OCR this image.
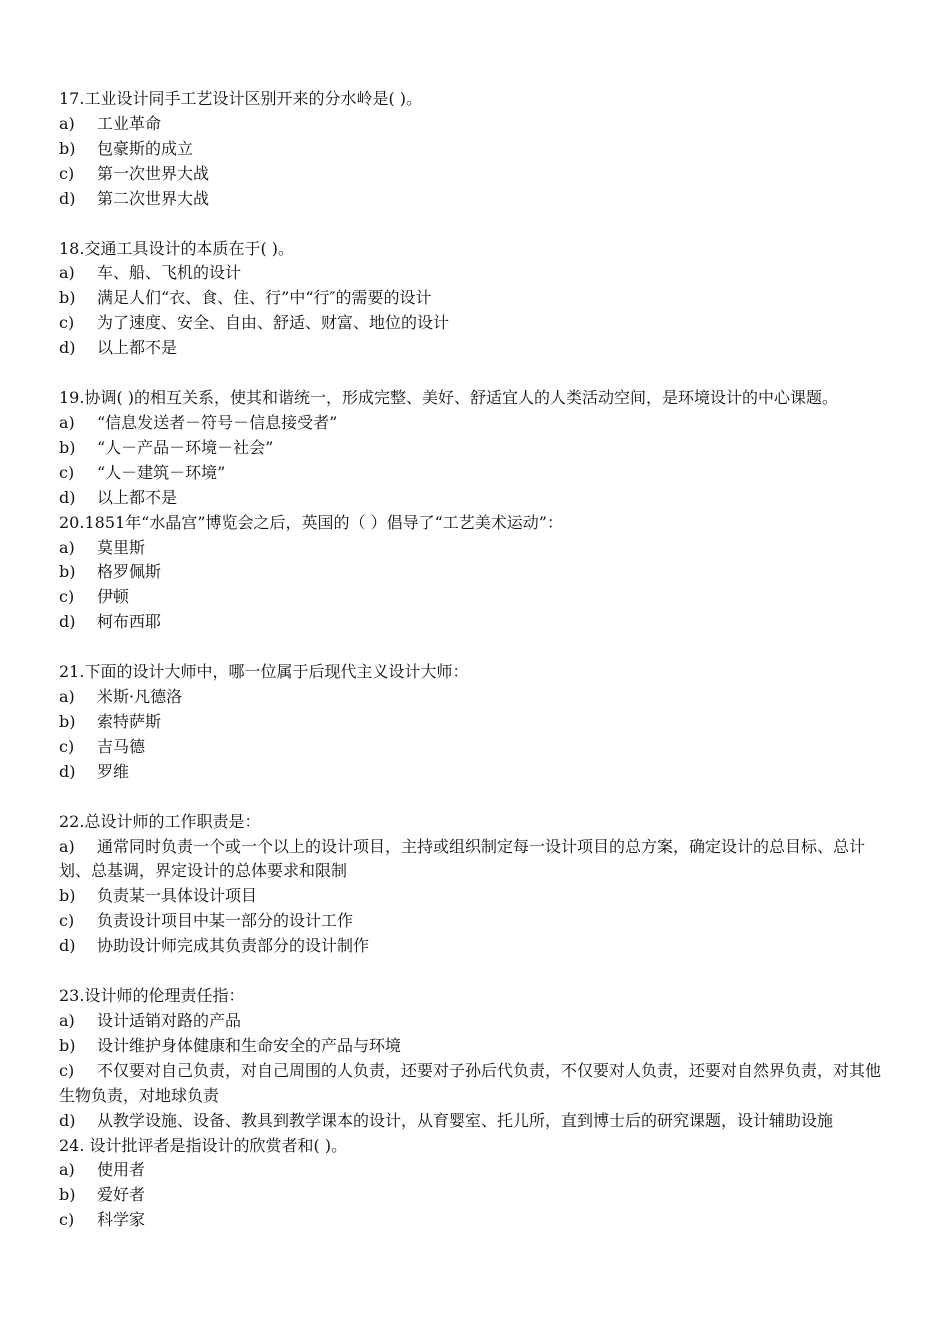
17.工业设计同手工艺设计区别开来的分水岭是( )。
a)	工业革命
b)	包豪斯的成立
c)	第一次世界大战
d)	第二次世界大战
18.交通工具设计的本质在于( )。
a)	车、船、飞机的设计
b)	满足人们“衣、食、住、行”中“行″的需要的设计
c)	为了速度、安全、自由、舒适、财富、地位的设计
d)	以上都不是
19.协调( )的相互关系，使其和谐统一，形成完整、美好、舒适宜人的人类活动空间，是环境设计的中心课题。
a)	“信息发送者－符号－信息接受者”
b)	“人－产品－环境－社会”
c)	“人－建筑－环境”
d)	以上都不是
20.1851年“水晶宫”博览会之后，英国的（ ）倡导了“工艺美术运动”：
a)	莫里斯
b)	格罗佩斯
c)	伊顿
d)	柯布西耶
21.下面的设计大师中，哪一位属于后现代主义设计大师：
a)	米斯·凡德洛
b)	索特萨斯
c)	吉马德
d)	罗维
22.总设计师的工作职责是：
a) 通常同时负责一个或一个以上的设计项目，主持或组织制定每一设计项目的总方案，确定设计的总目标、总计划、总基调，界定设计的总体要求和限制
b)	负责某一具体设计项目
c)	负责设计项目中某一部分的设计工作
d)	协助设计师完成其负责部分的设计制作
23.设计师的伦理责任指：
a)	设计适销对路的产品
b)	设计维护身体健康和生命安全的产品与环境
c) 不仅要对自己负责，对自己周围的人负责，还要对子孙后代负责，不仅要对人负责，还要对自然界负责，对其他生物负责，对地球负责
d) 从教学设施、设备、教具到教学课本的设计，从育婴室、托儿所，直到博士后的研究课题，设计辅助设施
24. 设计批评者是指设计的欣赏者和( )。
a)	使用者
b)	爱好者
c)	科学家
